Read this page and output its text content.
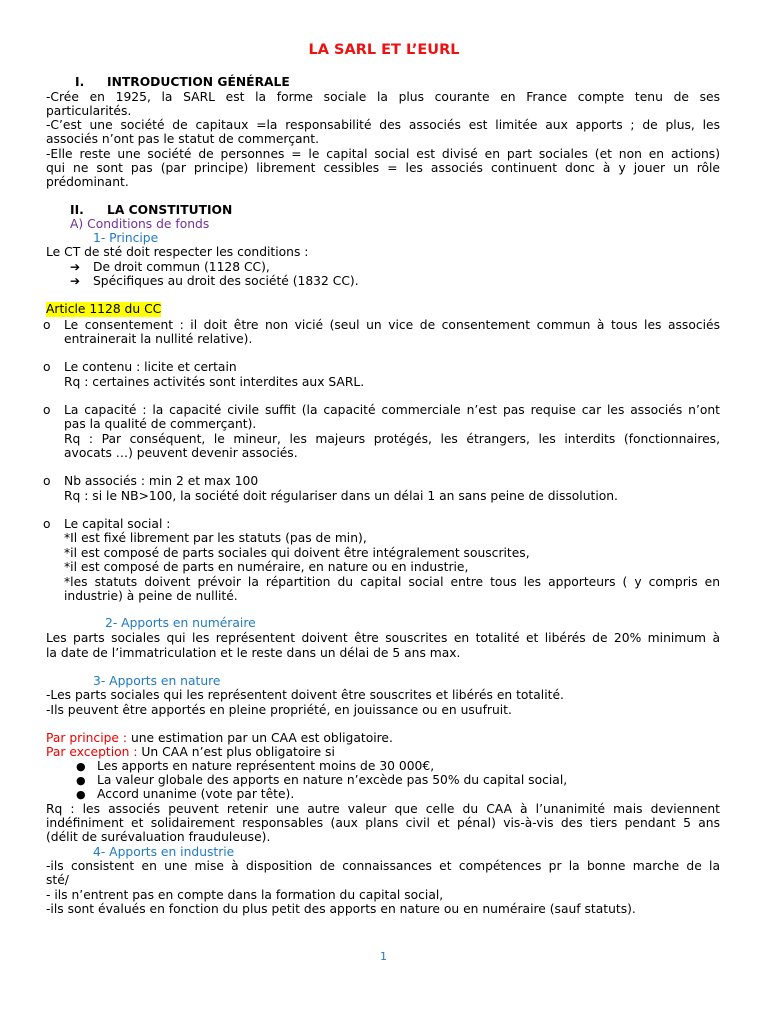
LA SARL ET L’EURL
I. INTRODUCTION GÉNÉRALE
-Crée en 1925, la SARL est la forme sociale la plus courante en France compte tenu de ses
particularités.
-C’est une société de capitaux =la responsabilité des associés est limitée aux apports ; de plus, les
associés n’ont pas le statut de commerçant.
-Elle reste une société de personnes = le capital social est divisé en part sociales (et non en actions)
qui ne sont pas (par principe) librement cessibles = les associés continuent donc à y jouer un rôle
prédominant.
II. LA CONSTITUTION
A) Conditions de fonds
1- Principe
Le CT de sté doit respecter les conditions :
➔ De droit commun (1128 CC),
➔ Spécifiques au droit des société (1832 CC).
Article 1128 du CC
o Le consentement : il doit être non vicié (seul un vice de consentement commun à tous les associés
entrainerait la nullité relative).
o Le contenu : licite et certain
Rq : certaines activités sont interdites aux SARL.
o La capacité : la capacité civile suffit (la capacité commerciale n’est pas requise car les associés n’ont
pas la qualité de commerçant).
Rq : Par conséquent, le mineur, les majeurs protégés, les étrangers, les interdits (fonctionnaires,
avocats …) peuvent devenir associés.
o Nb associés : min 2 et max 100
Rq : si le NB>100, la société doit régulariser dans un délai 1 an sans peine de dissolution.
o Le capital social :
*Il est fixé librement par les statuts (pas de min),
*il est composé de parts sociales qui doivent être intégralement souscrites,
*il est composé de parts en numéraire, en nature ou en industrie,
*les statuts doivent prévoir la répartition du capital social entre tous les apporteurs ( y compris en
industrie) à peine de nullité.
2- Apports en numéraire
Les parts sociales qui les représentent doivent être souscrites en totalité et libérés de 20% minimum à
la date de l’immatriculation et le reste dans un délai de 5 ans max.
3- Apports en nature
-Les parts sociales qui les représentent doivent être souscrites et libérés en totalité.
-Ils peuvent être apportés en pleine propriété, en jouissance ou en usufruit.
Par principe : une estimation par un CAA est obligatoire.
Par exception : Un CAA n’est plus obligatoire si
● Les apports en nature représentent moins de 30 000€,
● La valeur globale des apports en nature n’excède pas 50% du capital social,
● Accord unanime (vote par tête).
Rq : les associés peuvent retenir une autre valeur que celle du CAA à l’unanimité mais deviennent
indéfiniment et solidairement responsables (aux plans civil et pénal) vis-à-vis des tiers pendant 5 ans
(délit de surévaluation frauduleuse).
4- Apports en industrie
-ils consistent en une mise à disposition de connaissances et compétences pr la bonne marche de la
sté/
- ils n’entrent pas en compte dans la formation du capital social,
-ils sont évalués en fonction du plus petit des apports en nature ou en numéraire (sauf statuts).
1
